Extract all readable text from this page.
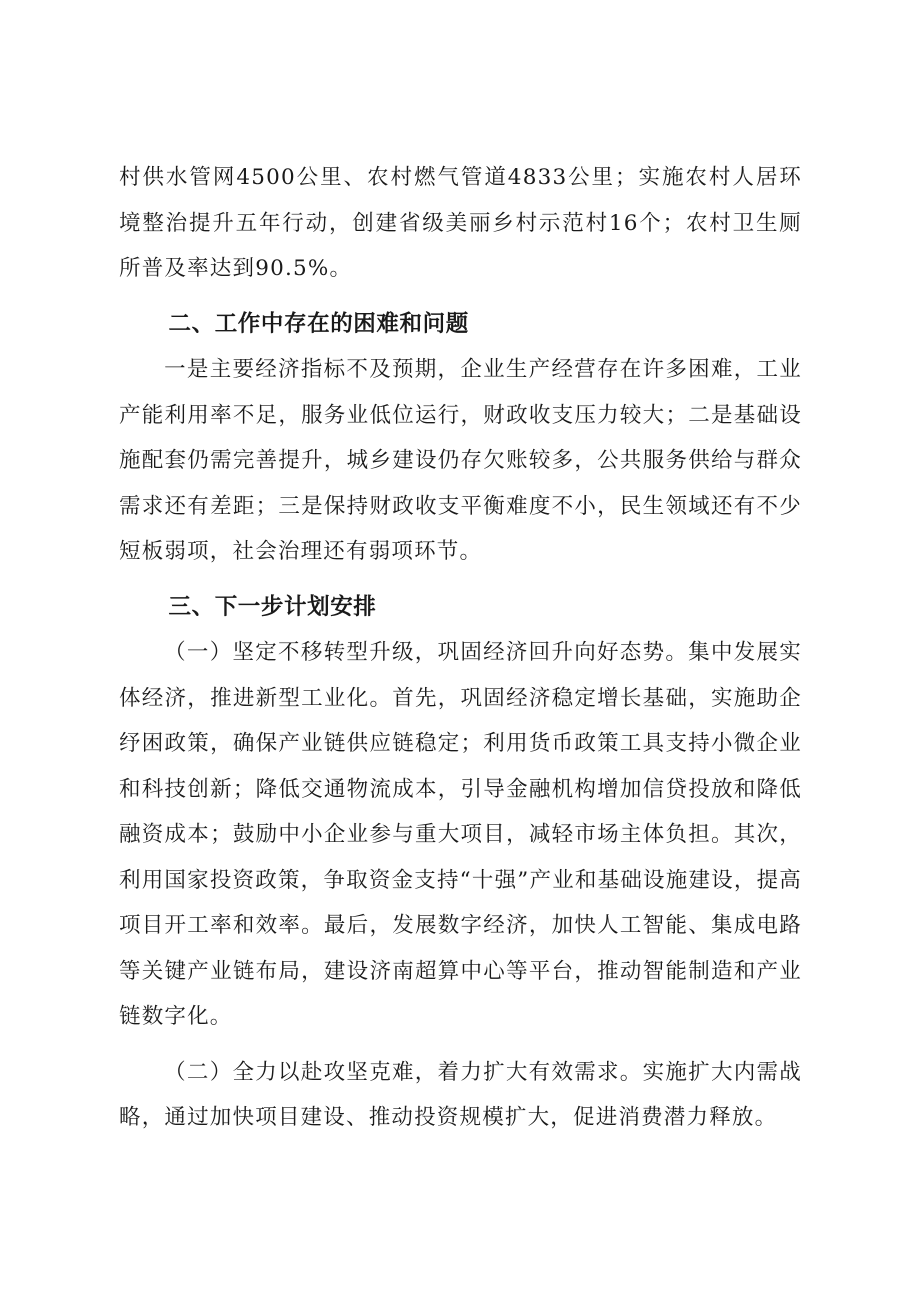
村供水管网4500公里、农村燃气管道4833公里；实施农村人居环境整治提升五年行动，创建省级美丽乡村示范村16个；农村卫生厕所普及率达到90.5%。

二、工作中存在的困难和问题

一是主要经济指标不及预期，企业生产经营存在许多困难，工业产能利用率不足，服务业低位运行，财政收支压力较大；二是基础设施配套仍需完善提升，城乡建设仍存欠账较多，公共服务供给与群众需求还有差距；三是保持财政收支平衡难度不小，民生领域还有不少短板弱项，社会治理还有弱项环节。

三、下一步计划安排

（一）坚定不移转型升级，巩固经济回升向好态势。集中发展实体经济，推进新型工业化。首先，巩固经济稳定增长基础，实施助企纾困政策，确保产业链供应链稳定；利用货币政策工具支持小微企业和科技创新；降低交通物流成本，引导金融机构增加信贷投放和降低融资成本；鼓励中小企业参与重大项目，减轻市场主体负担。其次，利用国家投资政策，争取资金支持“十强”产业和基础设施建设，提高项目开工率和效率。最后，发展数字经济，加快人工智能、集成电路等关键产业链布局，建设济南超算中心等平台，推动智能制造和产业链数字化。

（二）全力以赴攻坚克难，着力扩大有效需求。实施扩大内需战略，通过加快项目建设、推动投资规模扩大，促进消费潜力释放。
